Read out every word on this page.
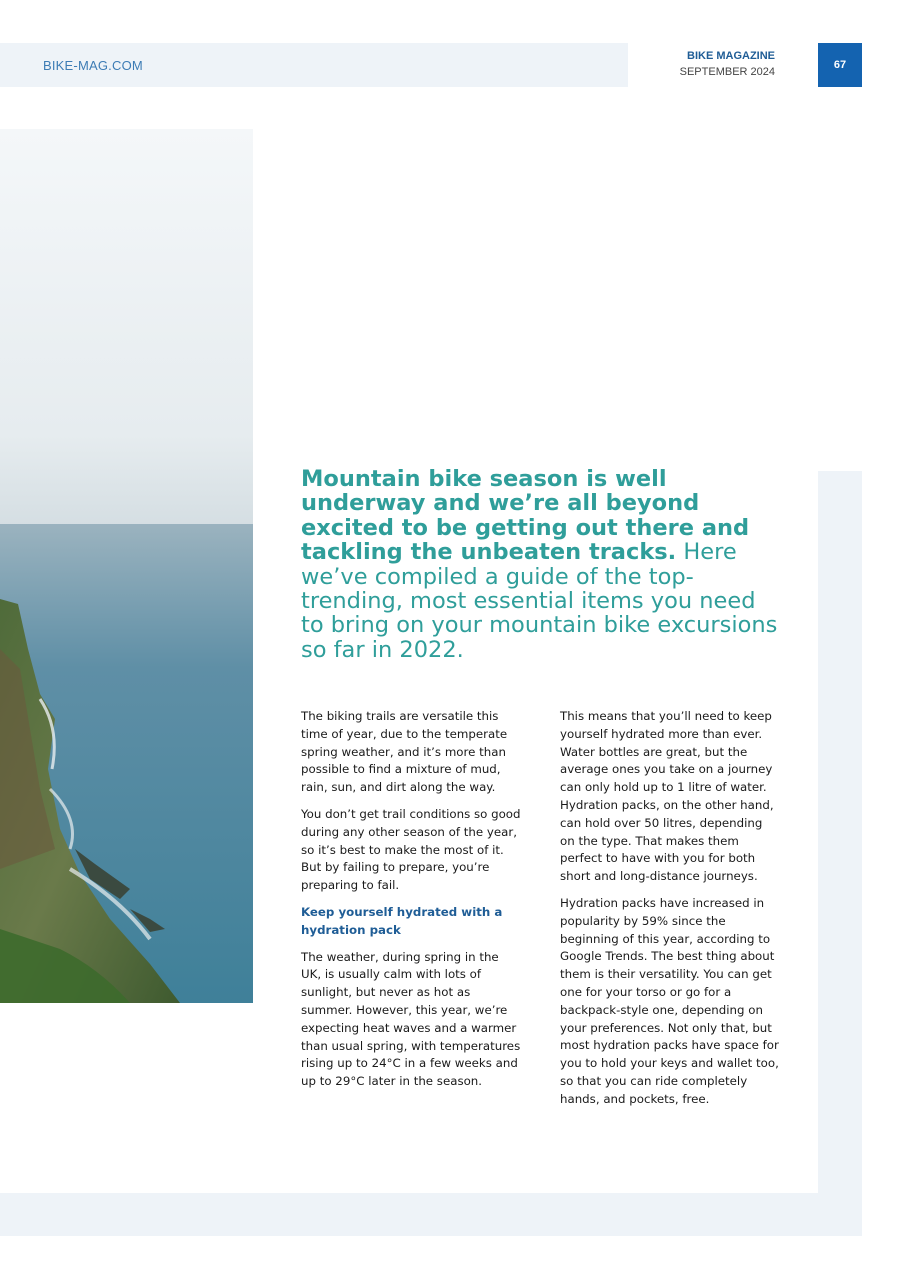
BIKE-MAG.COM
BIKE MAGAZINE
SEPTEMBER 2024
67
Mountain bike season is well underway and we’re all beyond excited to be getting out there and tackling the unbeaten tracks. Here we’ve compiled a guide of the top-trending, most essential items you need to bring on your mountain bike excursions so far in 2022.

The biking trails are versatile this time of year, due to the temperate spring weather, and it’s more than possible to find a mixture of mud, rain, sun, and dirt along the way.

You don’t get trail conditions so good during any other season of the year, so it’s best to make the most of it. But by failing to prepare, you’re preparing to fail.

Keep yourself hydrated with a hydration pack

The weather, during spring in the UK, is usually calm with lots of sunlight, but never as hot as summer. However, this year, we’re expecting heat waves and a warmer than usual spring, with temperatures rising up to 24°C in a few weeks and up to 29°C later in the season.

This means that you’ll need to keep yourself hydrated more than ever. Water bottles are great, but the average ones you take on a journey can only hold up to 1 litre of water. Hydration packs, on the other hand, can hold over 50 litres, depending on the type. That makes them perfect to have with you for both short and long-distance journeys.

Hydration packs have increased in popularity by 59% since the beginning of this year, according to Google Trends. The best thing about them is their versatility. You can get one for your torso or go for a backpack-style one, depending on your preferences. Not only that, but most hydration packs have space for you to hold your keys and wallet too, so that you can ride completely hands, and pockets, free.
